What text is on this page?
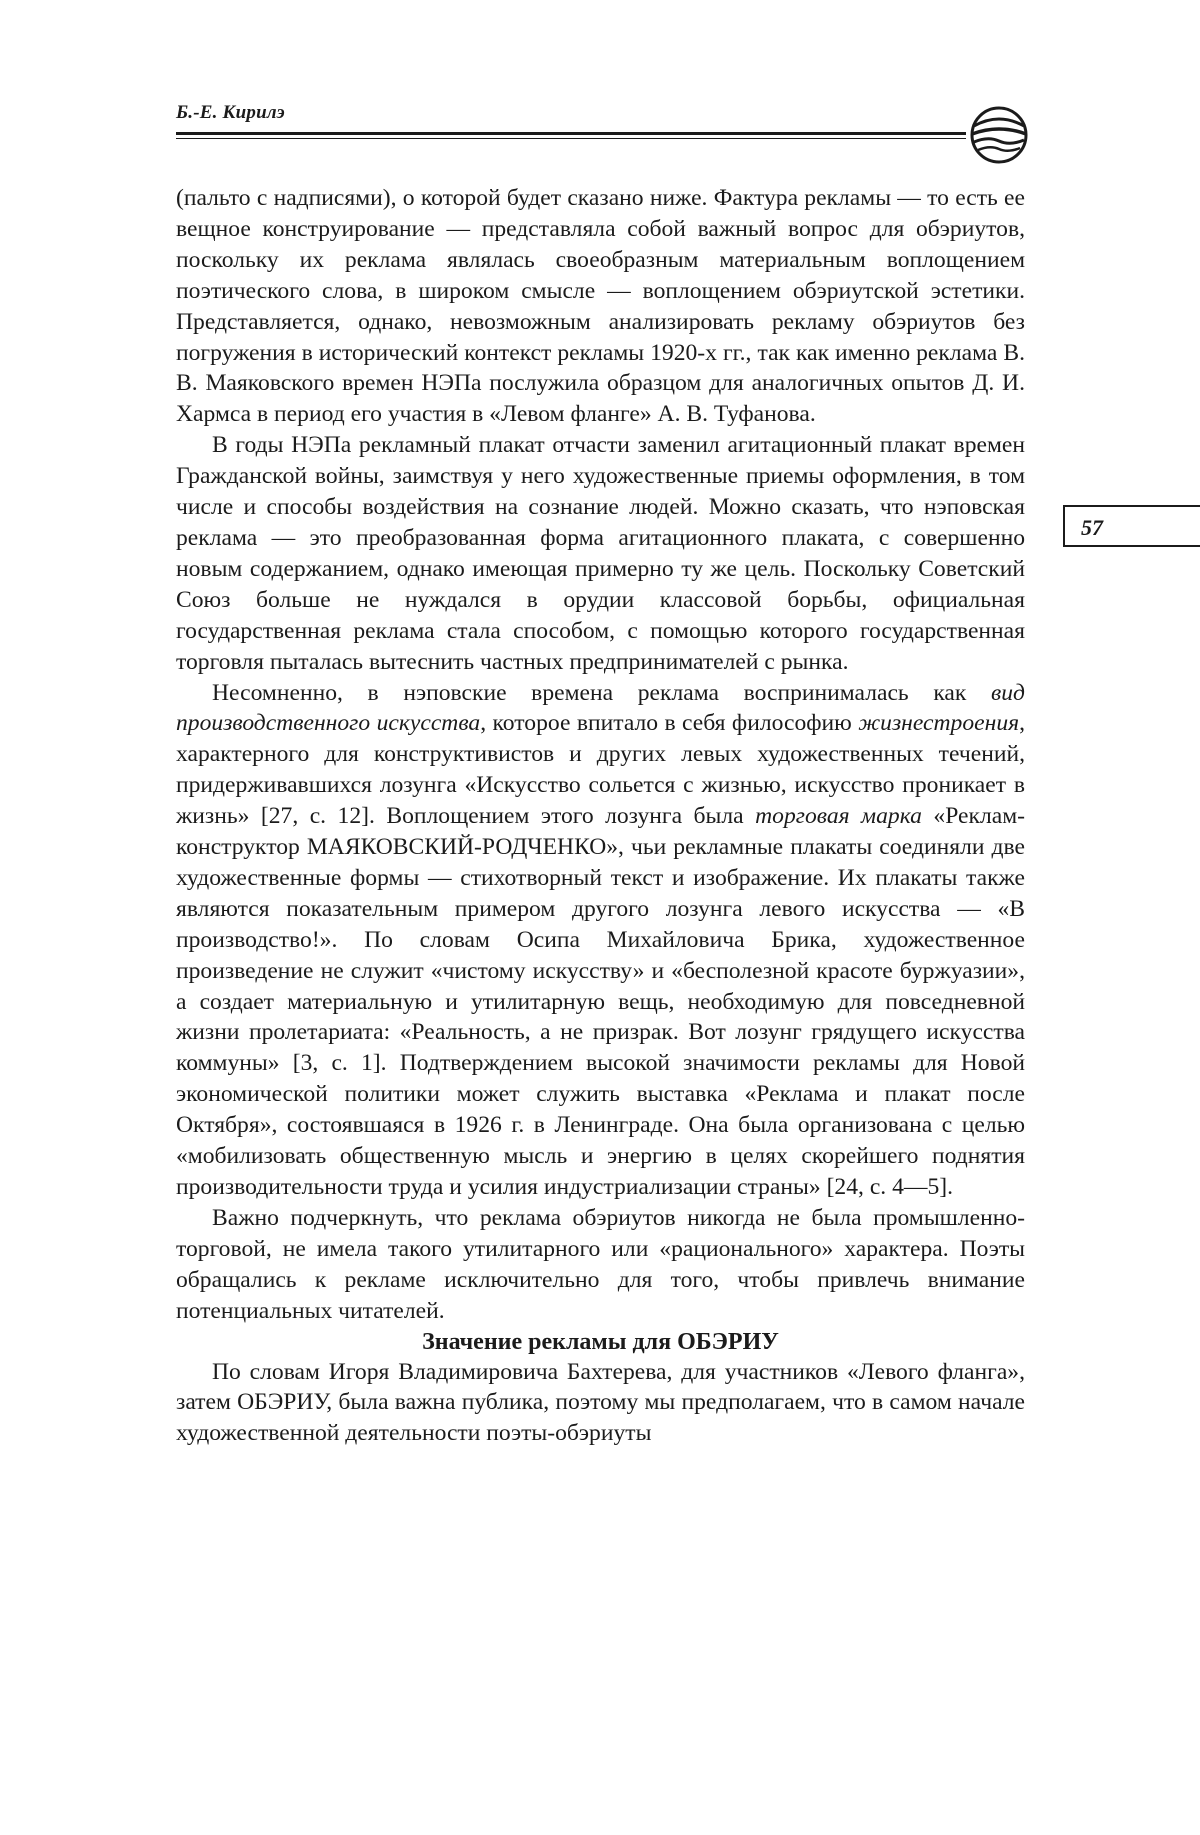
Б.-Е. Кирилэ
57

(пальто с надписями), о которой будет сказано ниже. Фактура рекламы — то есть ее вещное конструирование — представляла собой важный вопрос для обэриутов, поскольку их реклама являлась своеобразным материальным воплощением поэтического слова, в широком смысле — воплощением обэриутской эстетики. Представляется, однако, невозможным анализировать рекламу обэриутов без погружения в исторический контекст рекламы 1920-х гг., так как именно реклама В. В. Маяковского времен НЭПа послужила образцом для аналогичных опытов Д. И. Хармса в период его участия в «Левом фланге» А. В. Туфанова.

В годы НЭПа рекламный плакат отчасти заменил агитационный плакат времен Гражданской войны, заимствуя у него художественные приемы оформления, в том числе и способы воздействия на сознание людей. Можно сказать, что нэповская реклама — это преобразованная форма агитационного плаката, с совершенно новым содержанием, однако имеющая примерно ту же цель. Поскольку Советский Союз больше не нуждался в орудии классовой борьбы, официальная государственная реклама стала способом, с помощью которого государственная торговля пыталась вытеснить частных предпринимателей с рынка.

Несомненно, в нэповские времена реклама воспринималась как вид производственного искусства, которое впитало в себя философию жизнестроения, характерного для конструктивистов и других левых художественных течений, придерживавшихся лозунга «Искусство сольется с жизнью, искусство проникает в жизнь» [27, с. 12]. Воплощением этого лозунга была торговая марка «Реклам-конструктор МАЯКОВСКИЙ-РОДЧЕНКО», чьи рекламные плакаты соединяли две художественные формы — стихотворный текст и изображение. Их плакаты также являются показательным примером другого лозунга левого искусства — «В производство!». По словам Осипа Михайловича Брика, художественное произведение не служит «чистому искусству» и «бесполезной красоте буржуазии», а создает материальную и утилитарную вещь, необходимую для повседневной жизни пролетариата: «Реальность, а не призрак. Вот лозунг грядущего искусства коммуны» [3, с. 1]. Подтверждением высокой значимости рекламы для Новой экономической политики может служить выставка «Реклама и плакат после Октября», состоявшаяся в 1926 г. в Ленинграде. Она была организована с целью «мобилизовать общественную мысль и энергию в целях скорейшего поднятия производительности труда и усилия индустриализации страны» [24, с. 4—5].

Важно подчеркнуть, что реклама обэриутов никогда не была промышленно-торговой, не имела такого утилитарного или «рационального» характера. Поэты обращались к рекламе исключительно для того, чтобы привлечь внимание потенциальных читателей.

Значение рекламы для ОБЭРИУ

По словам Игоря Владимировича Бахтерева, для участников «Левого фланга», затем ОБЭРИУ, была важна публика, поэтому мы предполагаем, что в самом начале художественной деятельности поэты-обэриуты
